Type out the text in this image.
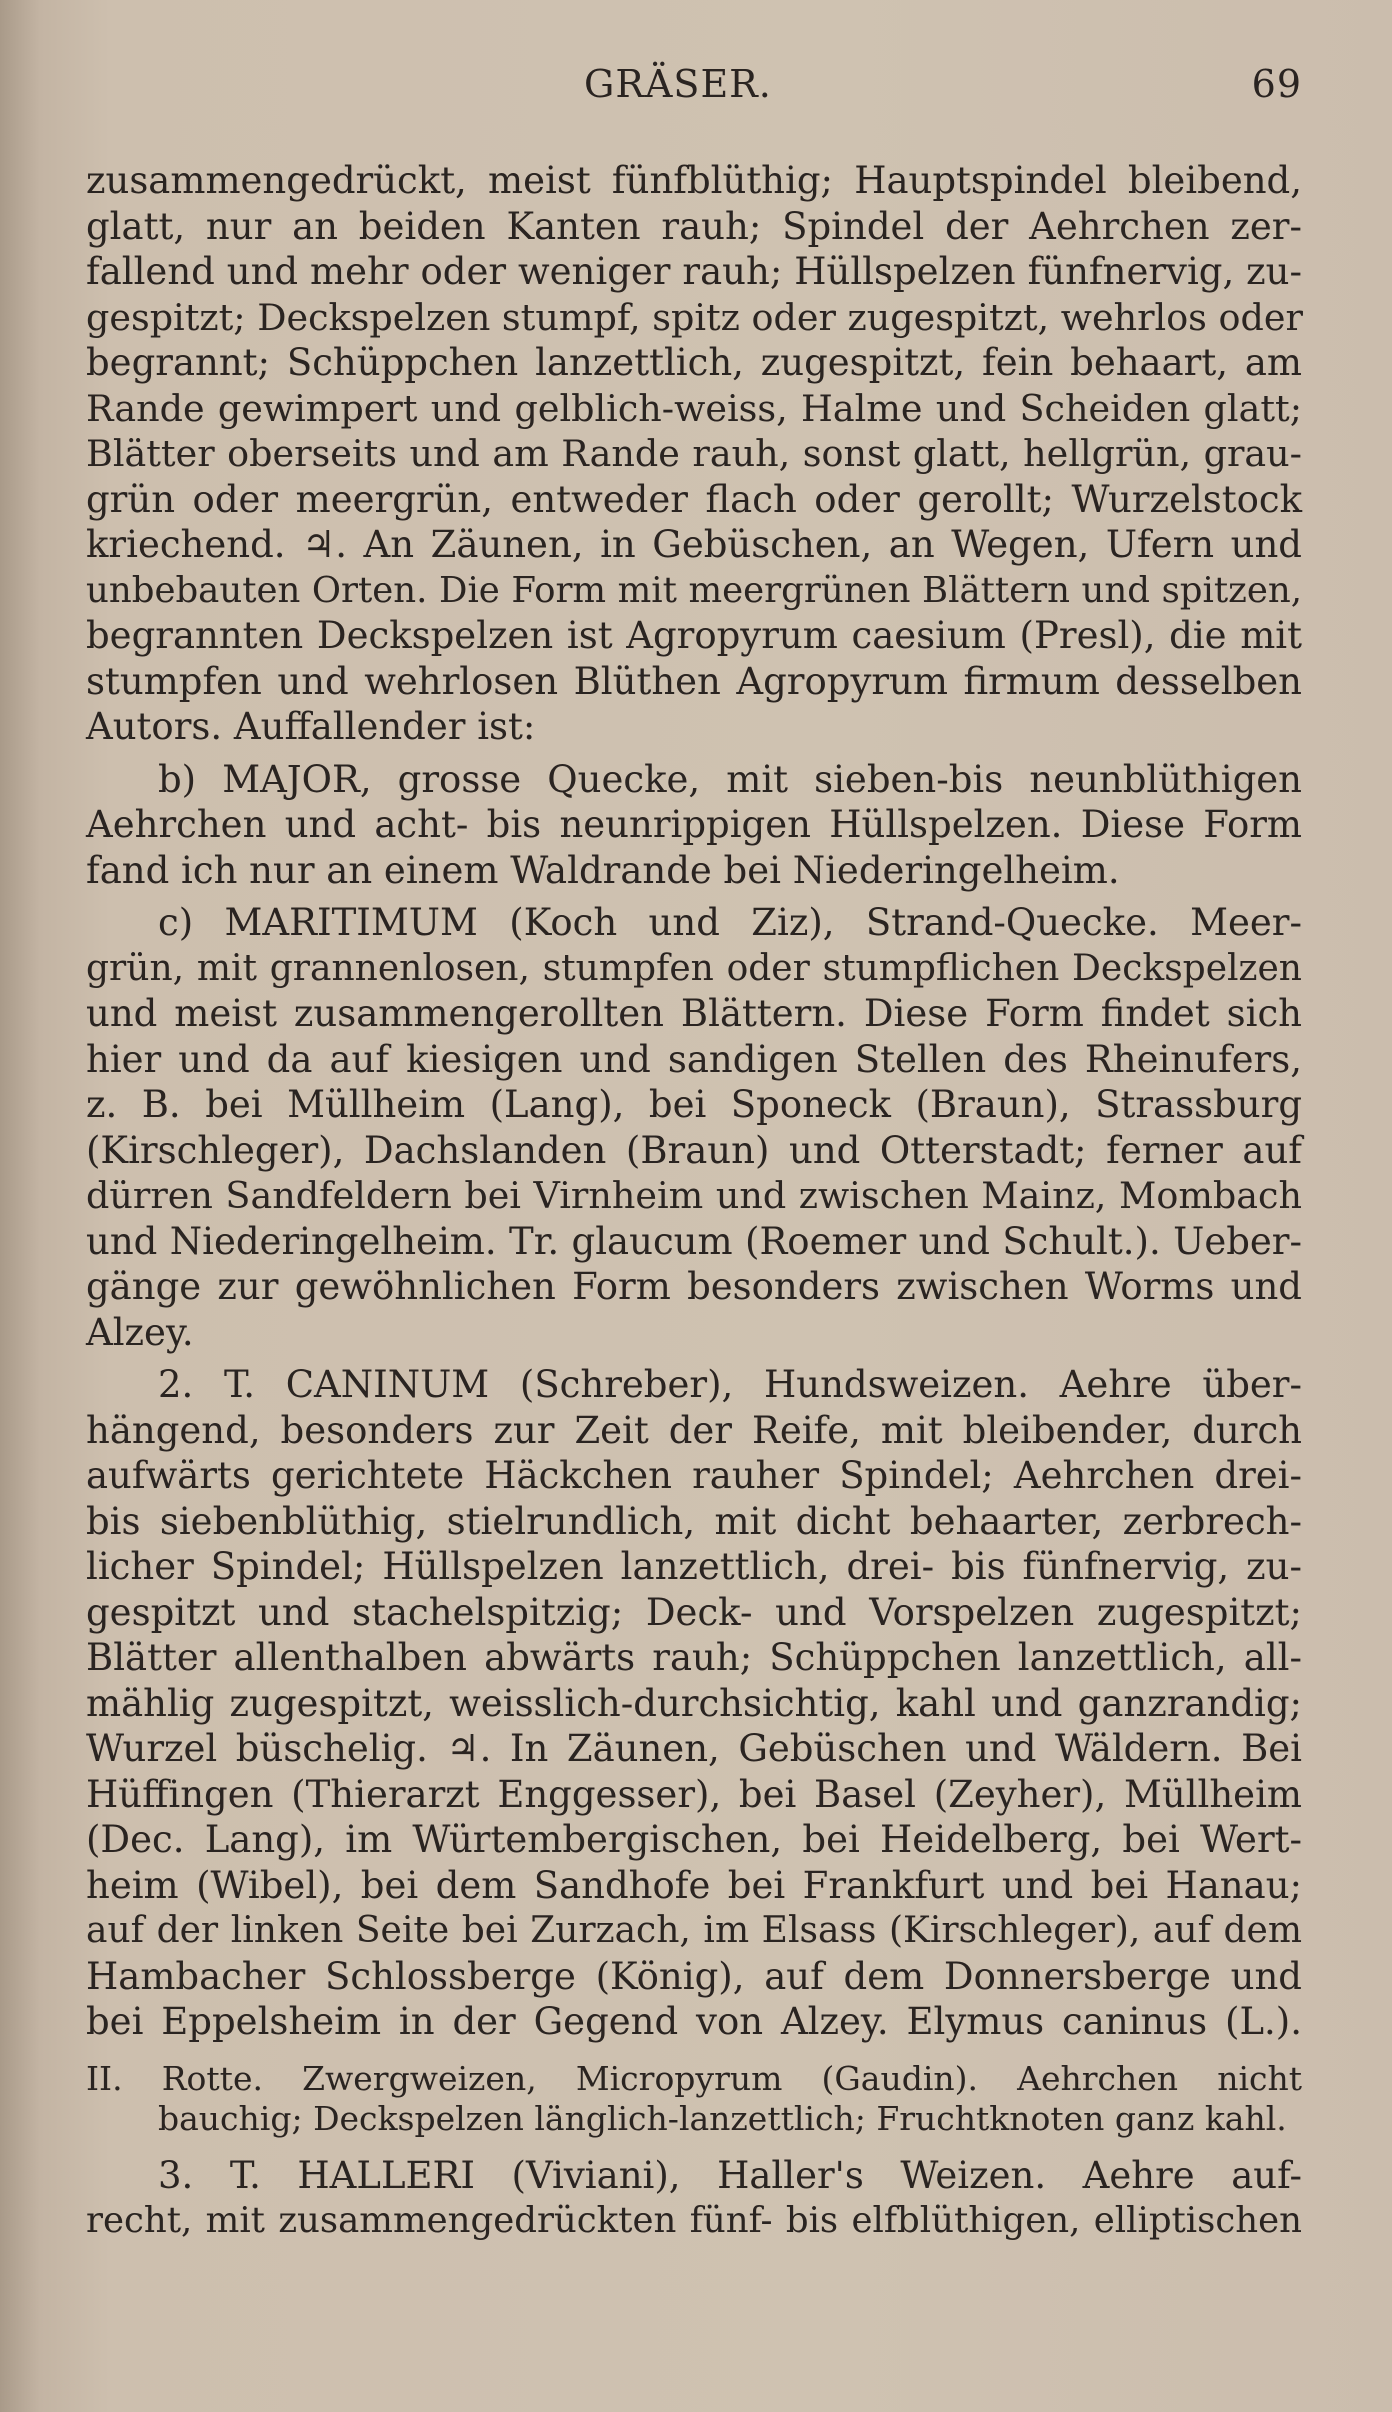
GRÄSER.	69
zusammengedrückt, meist fünfblüthig; Hauptspindel bleibend,
glatt, nur an beiden Kanten rauh; Spindel der Aehrchen zer-
fallend und mehr oder weniger rauh; Hüllspelzen fünfnervig, zu-
gespitzt; Deckspelzen stumpf, spitz oder zugespitzt, wehrlos oder
begrannt; Schüppchen lanzettlich, zugespitzt, fein behaart, am
Rande gewimpert und gelblich-weiss, Halme und Scheiden glatt;
Blätter oberseits und am Rande rauh, sonst glatt, hellgrün, grau-
grün oder meergrün, entweder flach oder gerollt; Wurzelstock
kriechend. ♃. An Zäunen, in Gebüschen, an Wegen, Ufern und
unbebauten Orten. Die Form mit meergrünen Blättern und spitzen,
begrannten Deckspelzen ist Agropyrum caesium (Presl), die mit
stumpfen und wehrlosen Blüthen Agropyrum firmum desselben
Autors. Auffallender ist:
b) MAJOR, grosse Quecke, mit sieben-bis neunblüthigen
Aehrchen und acht- bis neunrippigen Hüllspelzen. Diese Form
fand ich nur an einem Waldrande bei Niederingelheim.
c) MARITIMUM (Koch und Ziz), Strand-Quecke. Meer-
grün, mit grannenlosen, stumpfen oder stumpflichen Deckspelzen
und meist zusammengerollten Blättern. Diese Form findet sich
hier und da auf kiesigen und sandigen Stellen des Rheinufers,
z. B. bei Müllheim (Lang), bei Sponeck (Braun), Strassburg
(Kirschleger), Dachslanden (Braun) und Otterstadt; ferner auf
dürren Sandfeldern bei Virnheim und zwischen Mainz, Mombach
und Niederingelheim. Tr. glaucum (Roemer und Schult.). Ueber-
gänge zur gewöhnlichen Form besonders zwischen Worms und
Alzey.
2. T. CANINUM (Schreber), Hundsweizen. Aehre über-
hängend, besonders zur Zeit der Reife, mit bleibender, durch
aufwärts gerichtete Häckchen rauher Spindel; Aehrchen drei-
bis siebenblüthig, stielrundlich, mit dicht behaarter, zerbrech-
licher Spindel; Hüllspelzen lanzettlich, drei- bis fünfnervig, zu-
gespitzt und stachelspitzig; Deck- und Vorspelzen zugespitzt;
Blätter allenthalben abwärts rauh; Schüppchen lanzettlich, all-
mählig zugespitzt, weisslich-durchsichtig, kahl und ganzrandig;
Wurzel büschelig. ♃. In Zäunen, Gebüschen und Wäldern. Bei
Hüffingen (Thierarzt Enggesser), bei Basel (Zeyher), Müllheim
(Dec. Lang), im Würtembergischen, bei Heidelberg, bei Wert-
heim (Wibel), bei dem Sandhofe bei Frankfurt und bei Hanau;
auf der linken Seite bei Zurzach, im Elsass (Kirschleger), auf dem
Hambacher Schlossberge (König), auf dem Donnersberge und
bei Eppelsheim in der Gegend von Alzey. Elymus caninus (L.).
II. Rotte. Zwergweizen, Micropyrum (Gaudin). Aehrchen nicht
bauchig; Deckspelzen länglich-lanzettlich; Fruchtknoten ganz kahl.
3. T. HALLERI (Viviani), Haller's Weizen. Aehre auf-
recht, mit zusammengedrückten fünf- bis elfblüthigen, elliptischen
